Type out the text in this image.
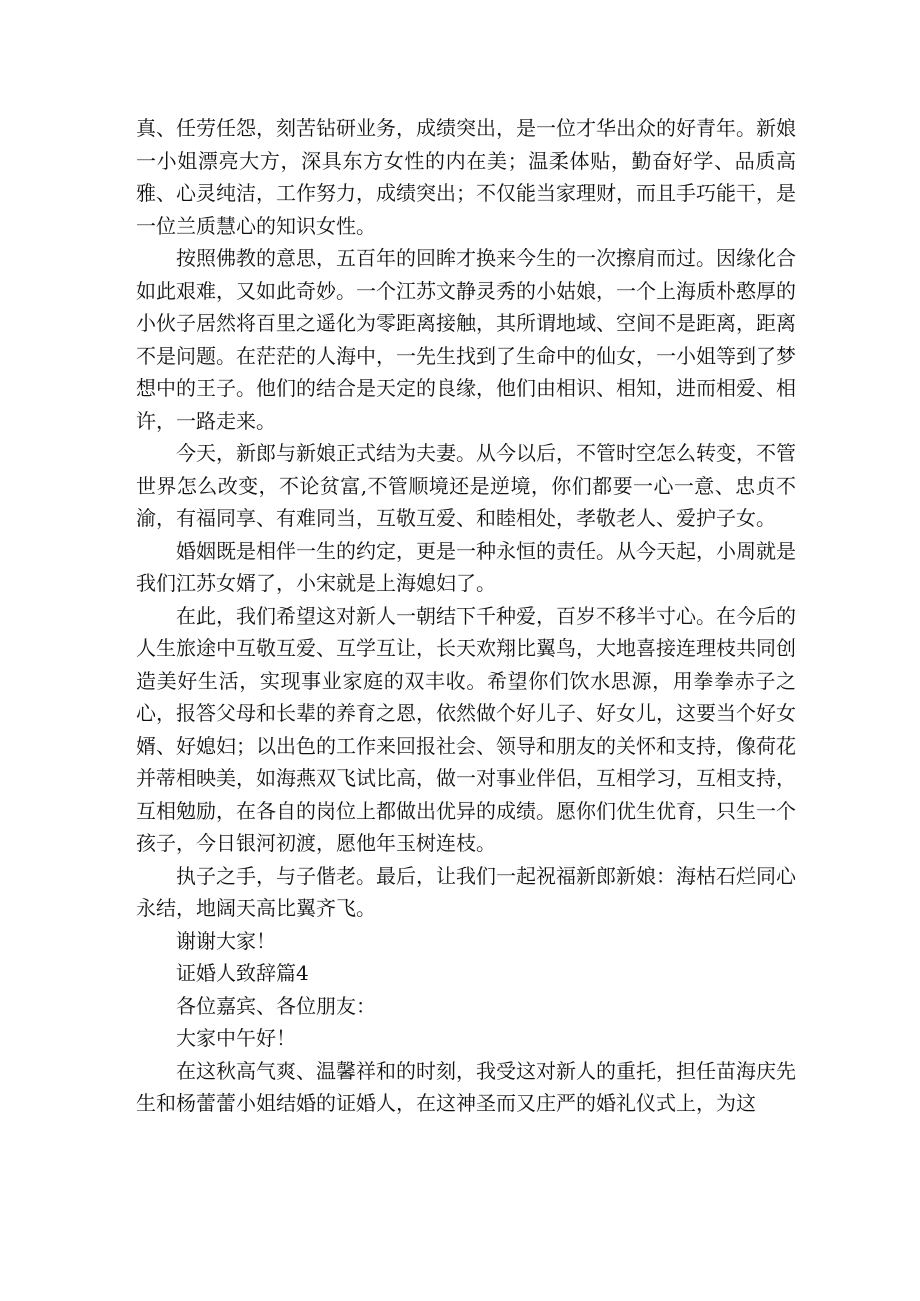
真、任劳任怨，刻苦钻研业务，成绩突出，是一位才华出众的好青年。新娘一小姐漂亮大方，深具东方女性的内在美；温柔体贴，勤奋好学、品质高雅、心灵纯洁，工作努力，成绩突出；不仅能当家理财，而且手巧能干，是一位兰质慧心的知识女性。

按照佛教的意思，五百年的回眸才换来今生的一次擦肩而过。因缘化合如此艰难，又如此奇妙。一个江苏文静灵秀的小姑娘，一个上海质朴憨厚的小伙子居然将百里之遥化为零距离接触，其所谓地域、空间不是距离，距离不是问题。在茫茫的人海中，一先生找到了生命中的仙女，一小姐等到了梦想中的王子。他们的结合是天定的良缘，他们由相识、相知，进而相爱、相许，一路走来。

今天，新郎与新娘正式结为夫妻。从今以后，不管时空怎么转变，不管世界怎么改变，不论贫富,不管顺境还是逆境，你们都要一心一意、忠贞不渝，有福同享、有难同当，互敬互爱、和睦相处，孝敬老人、爱护子女。

婚姻既是相伴一生的约定，更是一种永恒的责任。从今天起，小周就是我们江苏女婿了，小宋就是上海媳妇了。

在此，我们希望这对新人一朝结下千种爱，百岁不移半寸心。在今后的人生旅途中互敬互爱、互学互让，长天欢翔比翼鸟，大地喜接连理枝共同创造美好生活，实现事业家庭的双丰收。希望你们饮水思源，用拳拳赤子之心，报答父母和长辈的养育之恩，依然做个好儿子、好女儿，这要当个好女婿、好媳妇；以出色的工作来回报社会、领导和朋友的关怀和支持，像荷花并蒂相映美，如海燕双飞试比高，做一对事业伴侣，互相学习，互相支持，互相勉励，在各自的岗位上都做出优异的成绩。愿你们优生优育，只生一个孩子，今日银河初渡，愿他年玉树连枝。

执子之手，与子偕老。最后，让我们一起祝福新郎新娘：海枯石烂同心永结，地阔天高比翼齐飞。

谢谢大家！

证婚人致辞篇4

各位嘉宾、各位朋友：

大家中午好！

在这秋高气爽、温馨祥和的时刻，我受这对新人的重托，担任苗海庆先生和杨蕾蕾小姐结婚的证婚人，在这神圣而又庄严的婚礼仪式上，为这
